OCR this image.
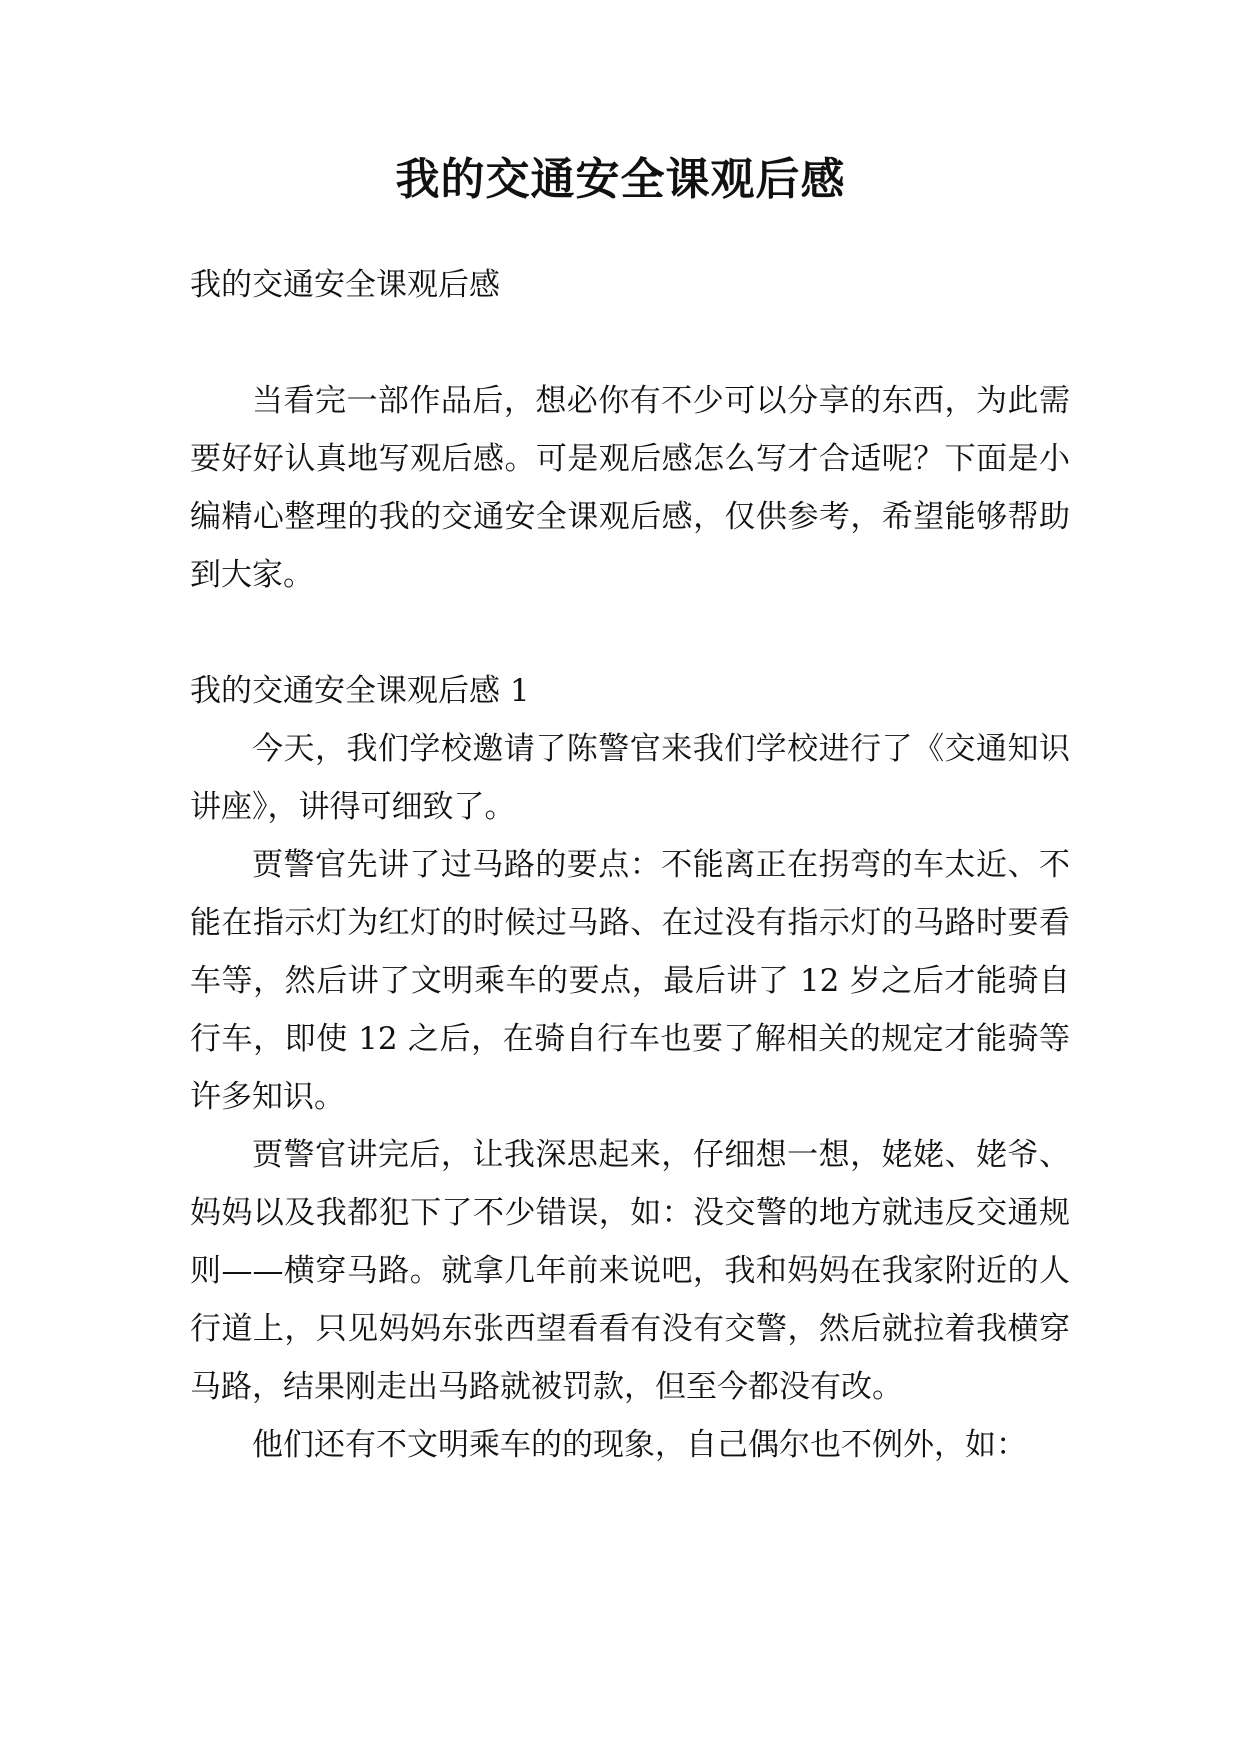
我的交通安全课观后感

我的交通安全课观后感

当看完一部作品后，想必你有不少可以分享的东西，为此需要好好认真地写观后感。可是观后感怎么写才合适呢？下面是小编精心整理的我的交通安全课观后感，仅供参考，希望能够帮助到大家。

我的交通安全课观后感 1

今天，我们学校邀请了陈警官来我们学校进行了《交通知识讲座》，讲得可细致了。

贾警官先讲了过马路的要点：不能离正在拐弯的车太近、不能在指示灯为红灯的时候过马路、在过没有指示灯的马路时要看车等，然后讲了文明乘车的要点，最后讲了 12 岁之后才能骑自行车，即使 12 之后，在骑自行车也要了解相关的规定才能骑等许多知识。

贾警官讲完后，让我深思起来，仔细想一想，姥姥、姥爷、妈妈以及我都犯下了不少错误，如：没交警的地方就违反交通规则——横穿马路。就拿几年前来说吧，我和妈妈在我家附近的人行道上，只见妈妈东张西望看看有没有交警，然后就拉着我横穿马路，结果刚走出马路就被罚款，但至今都没有改。

他们还有不文明乘车的的现象，自己偶尔也不例外，如：
